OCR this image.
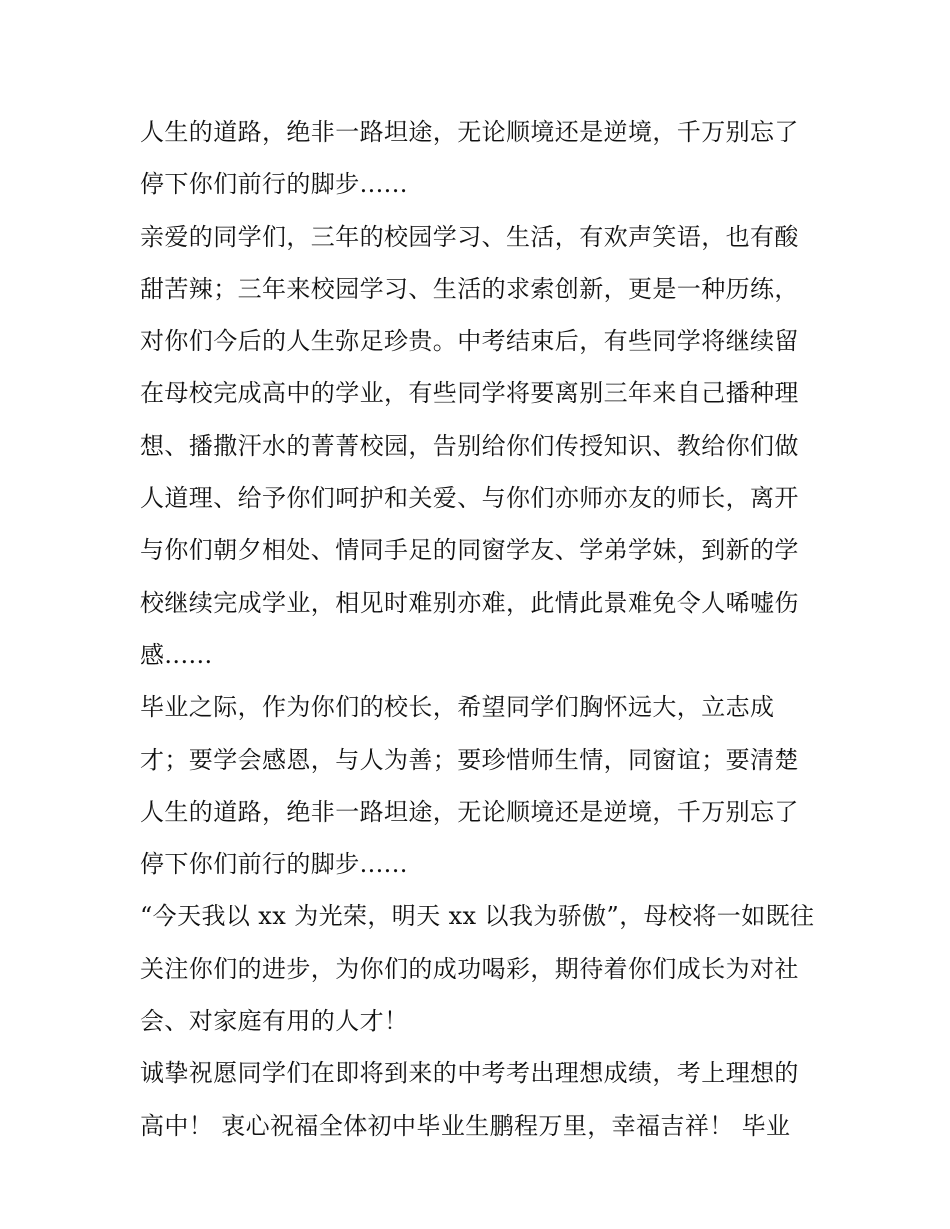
人生的道路，绝非一路坦途，无论顺境还是逆境，千万别忘了
停下你们前行的脚步......
亲爱的同学们，三年的校园学习、生活，有欢声笑语，也有酸
甜苦辣；三年来校园学习、生活的求索创新，更是一种历练，
对你们今后的人生弥足珍贵。中考结束后，有些同学将继续留
在母校完成高中的学业，有些同学将要离别三年来自己播种理
想、播撒汗水的菁菁校园，告别给你们传授知识、教给你们做
人道理、给予你们呵护和关爱、与你们亦师亦友的师长，离开
与你们朝夕相处、情同手足的同窗学友、学弟学妹，到新的学
校继续完成学业，相见时难别亦难，此情此景难免令人唏嘘伤
感......
毕业之际，作为你们的校长，希望同学们胸怀远大，立志成
才；要学会感恩，与人为善；要珍惜师生情，同窗谊；要清楚
人生的道路，绝非一路坦途，无论顺境还是逆境，千万别忘了
停下你们前行的脚步......
“今天我以 xx 为光荣，明天 xx 以我为骄傲”，母校将一如既往
关注你们的进步，为你们的成功喝彩，期待着你们成长为对社
会、对家庭有用的人才！
诚挚祝愿同学们在即将到来的中考考出理想成绩，考上理想的
高中！ 衷心祝福全体初中毕业生鹏程万里，幸福吉祥！ 毕业
